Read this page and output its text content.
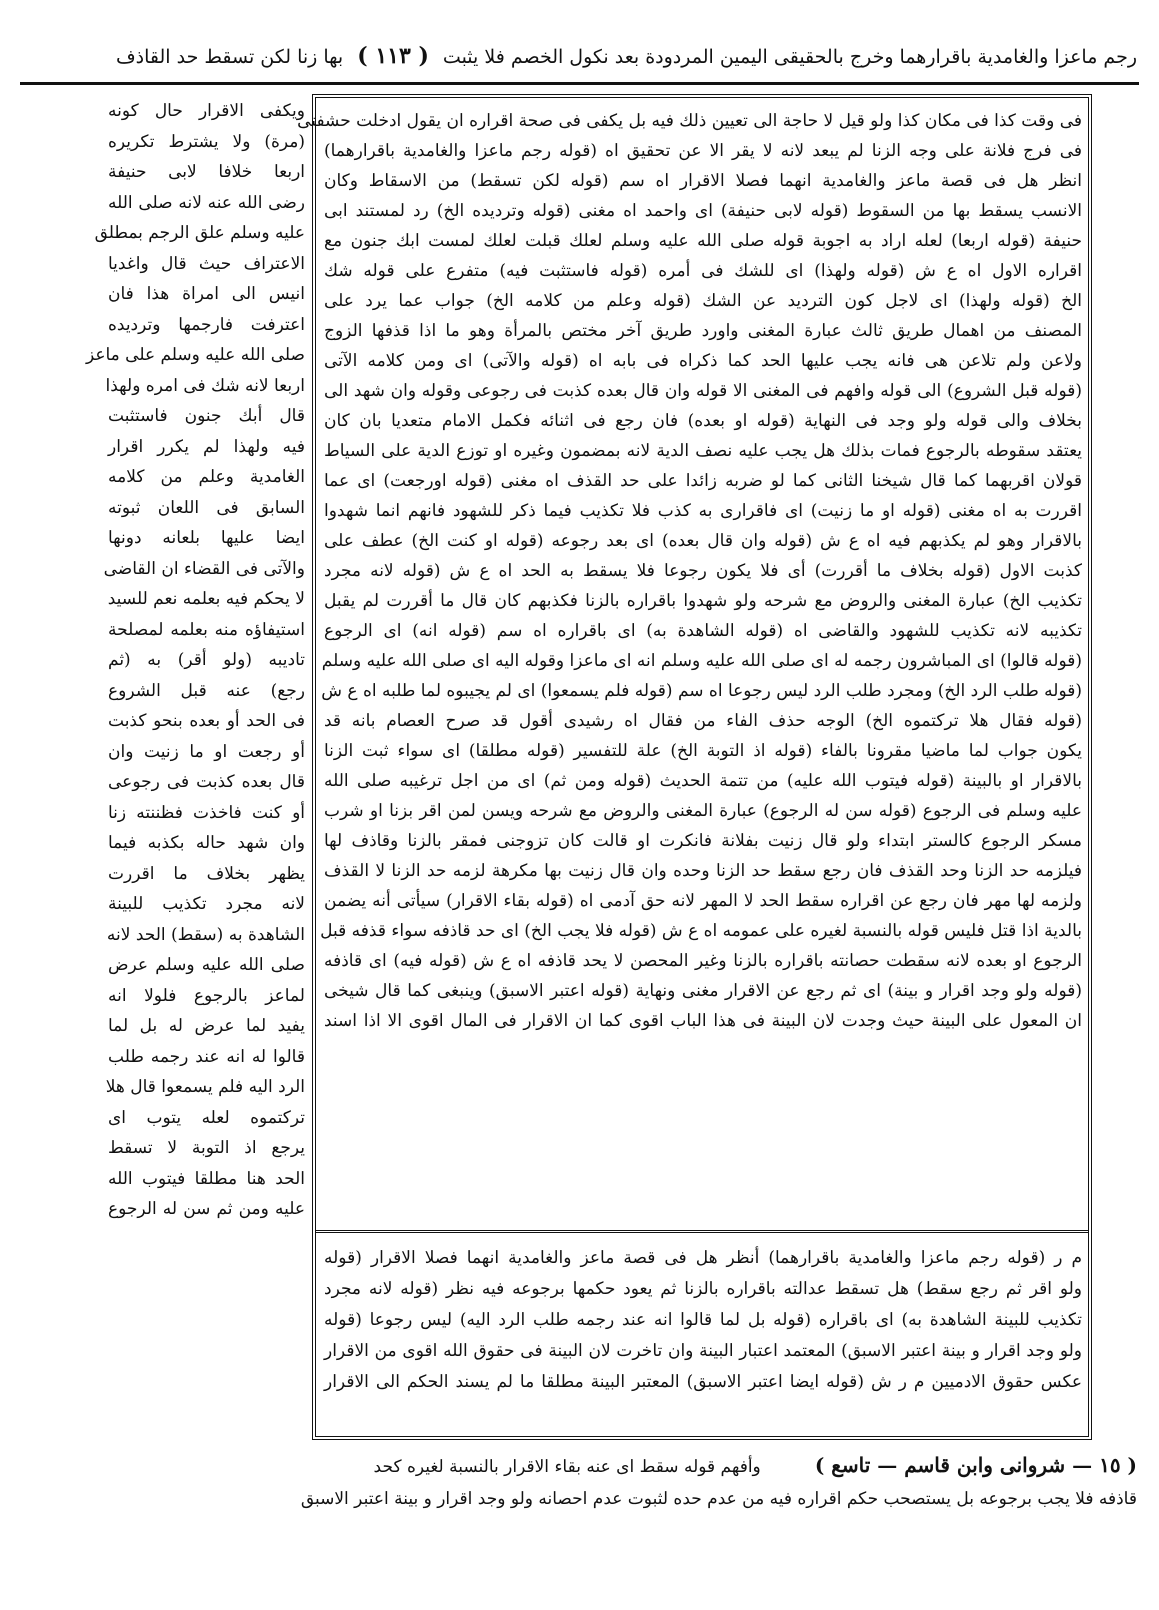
رجم ماعزا والغامدية باقرارهما وخرج بالحقيقى اليمين المردودة بعد نكول الخصم فلا يثبت ( ١١٣ ) بها زنا لكن تسقط حد القاذف
فى وقت كذا فى مكان كذا ولو قيل لا حاجة الى تعيين ذلك فيه بل يكفى فى صحة اقراره ان يقول ادخلت حشفتى
فى فرج فلانة على وجه الزنا لم يبعد لانه لا يقر الا عن تحقيق اه (قوله رجم ماعزا والغامدية باقرارهما)
انظر هل فى قصة ماعز والغامدية انهما فصلا الاقرار اه سم (قوله لكن تسقط) من الاسقاط وكان
الانسب يسقط بها من السقوط (قوله لابى حنيفة) اى واحمد اه مغنى (قوله وترديده الخ) رد لمستند ابى
حنيفة (قوله اربعا) لعله اراد به اجوبة قوله صلى الله عليه وسلم لعلك قبلت لعلك لمست ابك جنون مع
اقراره الاول اه ع ش (قوله ولهذا) اى للشك فى أمره (قوله فاستثبت فيه) متفرع على قوله شك
الخ (قوله ولهذا) اى لاجل كون الترديد عن الشك (قوله وعلم من كلامه الخ) جواب عما يرد على
المصنف من اهمال طريق ثالث عبارة المغنى واورد طريق آخر مختص بالمرأة وهو ما اذا قذفها الزوج
ولاعن ولم تلاعن هى فانه يجب عليها الحد كما ذكراه فى بابه اه (قوله والآتى) اى ومن كلامه الآتى
(قوله قبل الشروع) الى قوله وافهم فى المغنى الا قوله وان قال بعده كذبت فى رجوعى وقوله وان شهد الى
بخلاف والى قوله ولو وجد فى النهاية (قوله او بعده) فان رجع فى اثنائه فكمل الامام متعديا بان كان
يعتقد سقوطه بالرجوع فمات بذلك هل يجب عليه نصف الدية لانه بمضمون وغيره او توزع الدية على السياط
قولان اقربهما كما قال شيخنا الثانى كما لو ضربه زائدا على حد القذف اه مغنى (قوله اورجعت) اى عما
اقررت به اه مغنى (قوله او ما زنيت) اى فاقرارى به كذب فلا تكذيب فيما ذكر للشهود فانهم انما شهدوا
بالاقرار وهو لم يكذبهم فيه اه ع ش (قوله وان قال بعده) اى بعد رجوعه (قوله او كنت الخ) عطف على
كذبت الاول (قوله بخلاف ما أقررت) أى فلا يكون رجوعا فلا يسقط به الحد اه ع ش (قوله لانه مجرد
تكذيب الخ) عبارة المغنى والروض مع شرحه ولو شهدوا باقراره بالزنا فكذبهم كان قال ما أقررت لم يقبل
تكذيبه لانه تكذيب للشهود والقاضى اه (قوله الشاهدة به) اى باقراره اه سم (قوله انه) اى الرجوع
(قوله قالوا) اى المباشرون رجمه له اى صلى الله عليه وسلم انه اى ماعزا وقوله اليه اى صلى الله عليه وسلم
(قوله طلب الرد الخ) ومجرد طلب الرد ليس رجوعا اه سم (قوله فلم يسمعوا) اى لم يجيبوه لما طلبه اه ع ش
(قوله فقال هلا تركتموه الخ) الوجه حذف الفاء من فقال اه رشيدى أقول قد صرح العصام بانه قد
يكون جواب لما ماضيا مقرونا بالفاء (قوله اذ التوبة الخ) علة للتفسير (قوله مطلقا) اى سواء ثبت الزنا
بالاقرار او بالبينة (قوله فيتوب الله عليه) من تتمة الحديث (قوله ومن ثم) اى من اجل ترغيبه صلى الله
عليه وسلم فى الرجوع (قوله سن له الرجوع) عبارة المغنى والروض مع شرحه ويسن لمن اقر بزنا او شرب
مسكر الرجوع كالستر ابتداء ولو قال زنيت بفلانة فانكرت او قالت كان تزوجنى فمقر بالزنا وقاذف لها
فيلزمه حد الزنا وحد القذف فان رجع سقط حد الزنا وحده وان قال زنيت بها مكرهة لزمه حد الزنا لا القذف
ولزمه لها مهر فان رجع عن اقراره سقط الحد لا المهر لانه حق آدمى اه (قوله بقاء الاقرار) سيأتى أنه يضمن
بالدية اذا قتل فليس قوله بالنسبة لغيره على عمومه اه ع ش (قوله فلا يجب الخ) اى حد قاذفه سواء قذفه قبل
الرجوع او بعده لانه سقطت حصانته باقراره بالزنا وغير المحصن لا يحد قاذفه اه ع ش (قوله فيه) اى قاذفه
(قوله ولو وجد اقرار و بينة) اى ثم رجع عن الاقرار مغنى ونهاية (قوله اعتبر الاسبق) وينبغى كما قال شيخى
ان المعول على البينة حيث وجدت لان البينة فى هذا الباب اقوى كما ان الاقرار فى المال اقوى الا اذا اسند
م ر (قوله رجم ماعزا والغامدية باقرارهما) أنظر هل فى قصة ماعز والغامدية انهما فصلا الاقرار (قوله
ولو اقر ثم رجع سقط) هل تسقط عدالته باقراره بالزنا ثم يعود حكمها برجوعه فيه نظر (قوله لانه مجرد
تكذيب للبينة الشاهدة به) اى باقراره (قوله بل لما قالوا انه عند رجمه طلب الرد اليه) ليس رجوعا (قوله
ولو وجد اقرار و بينة اعتبر الاسبق) المعتمد اعتبار البينة وان تاخرت لان البينة فى حقوق الله اقوى من الاقرار
عكس حقوق الادميين م ر ش (قوله ايضا اعتبر الاسبق) المعتبر البينة مطلقا ما لم يسند الحكم الى الاقرار
ويكفى الاقرار حال كونه
(مرة) ولا يشترط تكريره
اربعا خلافا لابى حنيفة
رضى الله عنه لانه صلى الله
عليه وسلم علق الرجم بمطلق
الاعتراف حيث قال واغديا
انيس الى امراة هذا فان
اعترفت فارجمها وترديده
صلى الله عليه وسلم على ماعز
اربعا لانه شك فى امره ولهذا
قال أبك جنون فاستثبت
فيه ولهذا لم يكرر اقرار
الغامدية وعلم من كلامه
السابق فى اللعان ثبوته
ايضا عليها بلعانه دونها
والآتى فى القضاء ان القاضى
لا يحكم فيه بعلمه نعم للسيد
استيفاؤه منه بعلمه لمصلحة
تاديبه (ولو أقر) به (ثم
رجع) عنه قبل الشروع
فى الحد أو بعده بنحو كذبت
أو رجعت او ما زنيت وان
قال بعده كذبت فى رجوعى
أو كنت فاخذت فظننته زنا
وان شهد حاله بكذبه فيما
يظهر بخلاف ما اقررت
لانه مجرد تكذيب للبينة
الشاهدة به (سقط) الحد لانه
صلى الله عليه وسلم عرض
لماعز بالرجوع فلولا انه
يفيد لما عرض له بل لما
قالوا له انه عند رجمه طلب
الرد اليه فلم يسمعوا قال هلا
تركتموه لعله يتوب اى
يرجع اذ التوبة لا تسقط
الحد هنا مطلقا فيتوب الله
عليه ومن ثم سن له الرجوع
( ١٥ — شروانى وابن قاسم — تاسع )          وأفهم قوله سقط اى عنه بقاء الاقرار بالنسبة لغيره كحد
قاذفه فلا يجب برجوعه بل يستصحب حكم اقراره فيه من عدم حده لثبوت عدم احصانه ولو وجد اقرار و بينة اعتبر الاسبق
